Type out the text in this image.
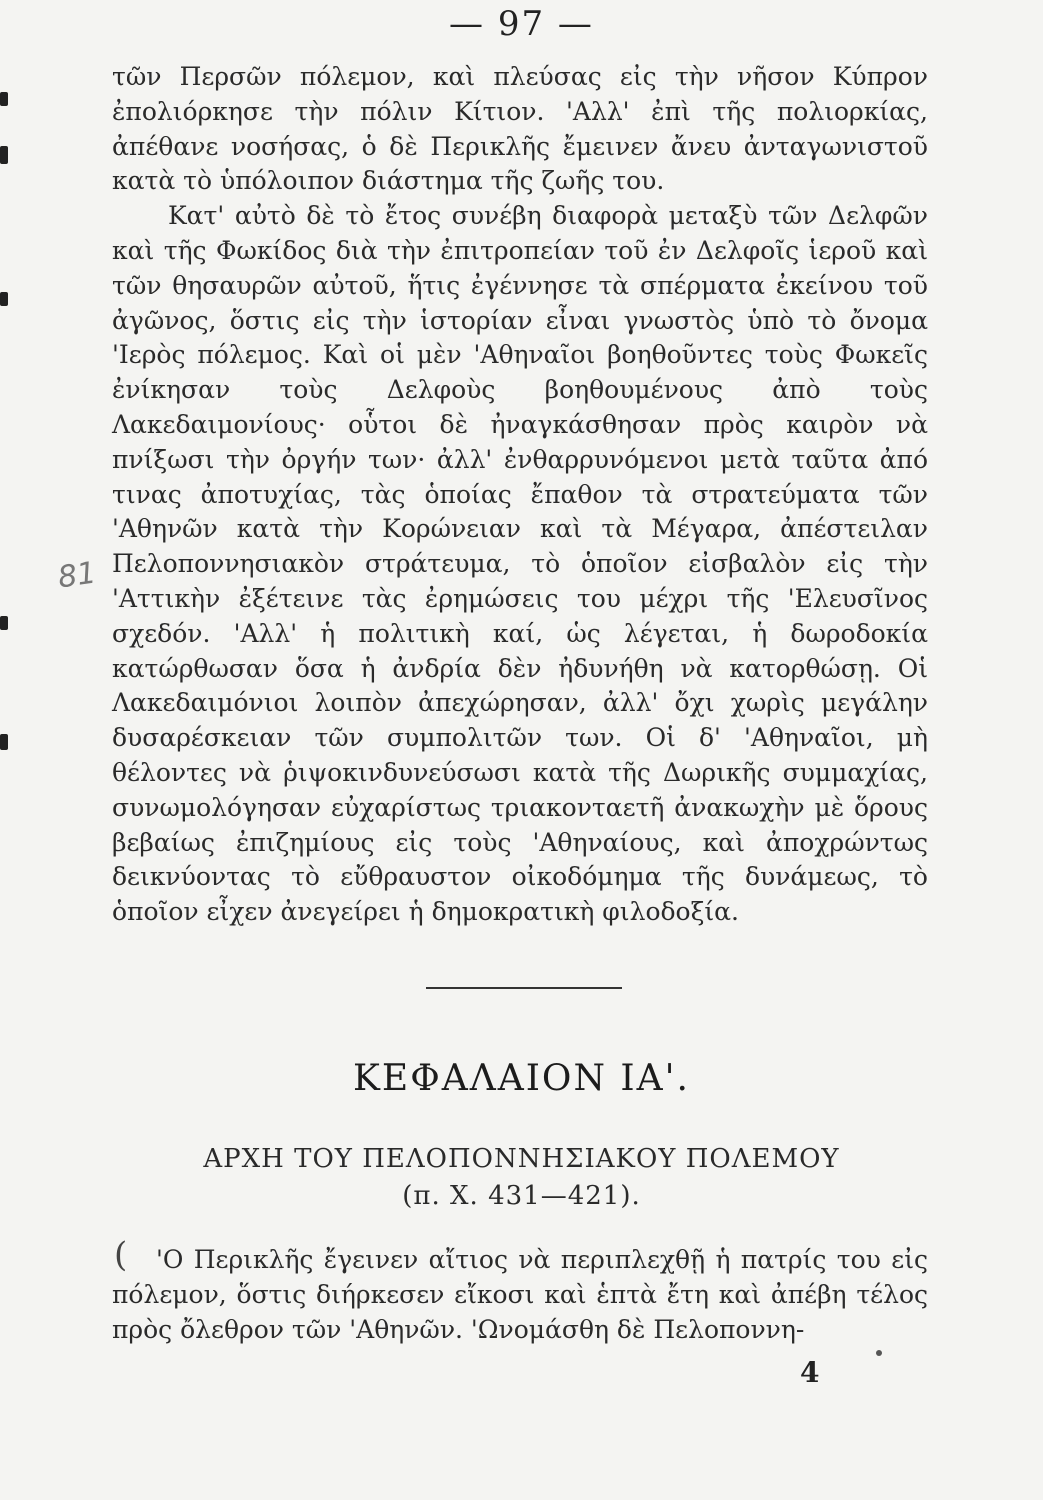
— 97 —
81

τῶν Περσῶν πόλεμον, καὶ πλεύσας εἰς τὴν νῆσον Κύπρον ἐπολιόρκησε τὴν πόλιν Κίτιον. 'Αλλ' ἐπὶ τῆς πολιορκίας, ἀπέθανε νοσήσας, ὁ δὲ Περικλῆς ἔμεινεν ἄνευ ἀνταγωνιστοῦ κατὰ τὸ ὑπόλοιπον διάστημα τῆς ζωῆς του.

Κατ' αὐτὸ δὲ τὸ ἔτος συνέβη διαφορὰ μεταξὺ τῶν Δελφῶν καὶ τῆς Φωκίδος διὰ τὴν ἐπιτροπείαν τοῦ ἐν Δελφοῖς ἱεροῦ καὶ τῶν θησαυρῶν αὐτοῦ, ἥτις ἐγέννησε τὰ σπέρματα ἐκείνου τοῦ ἀγῶνος, ὅστις εἰς τὴν ἱστορίαν εἶναι γνωστὸς ὑπὸ τὸ ὄνομα 'Ιερὸς πόλεμος. Καὶ οἱ μὲν 'Αθηναῖοι βοηθοῦντες τοὺς Φωκεῖς ἐνίκησαν τοὺς Δελφοὺς βοηθουμένους ἀπὸ τοὺς Λακεδαιμονίους· οὗτοι δὲ ἠναγκάσθησαν πρὸς καιρὸν νὰ πνίξωσι τὴν ὀργήν των· ἀλλ' ἐνθαρρυνόμενοι μετὰ ταῦτα ἀπό τινας ἀποτυχίας, τὰς ὁποίας ἔπαθον τὰ στρατεύματα τῶν 'Αθηνῶν κατὰ τὴν Κορώνειαν καὶ τὰ Μέγαρα, ἀπέστειλαν Πελοποννησιακὸν στράτευμα, τὸ ὁποῖον εἰσβαλὸν εἰς τὴν 'Αττικὴν ἐξέτεινε τὰς ἐρημώσεις του μέχρι τῆς 'Ελευσῖνος σχεδόν. 'Αλλ' ἡ πολιτικὴ καί, ὡς λέγεται, ἡ δωροδοκία κατώρθωσαν ὅσα ἡ ἀνδρία δὲν ἠδυνήθη νὰ κατορθώσῃ. Οἱ Λακεδαιμόνιοι λοιπὸν ἀπεχώρησαν, ἀλλ' ὄχι χωρὶς μεγάλην δυσαρέσκειαν τῶν συμπολιτῶν των. Οἱ δ' 'Αθηναῖοι, μὴ θέλοντες νὰ ῥιψοκινδυνεύσωσι κατὰ τῆς Δωρικῆς συμμαχίας, συνωμολόγησαν εὐχαρίστως τριακονταετῆ ἀνακωχὴν μὲ ὅρους βεβαίως ἐπιζημίους εἰς τοὺς 'Αθηναίους, καὶ ἀποχρώντως δεικνύοντας τὸ εὔθραυστον οἰκοδόμημα τῆς δυνάμεως, τὸ ὁποῖον εἶχεν ἀνεγείρει ἡ δημοκρατικὴ φιλοδοξία.

ΚΕΦΑΛΑΙΟΝ ΙΑ'.
ΑΡΧΗ ΤΟΥ ΠΕΛΟΠΟΝΝΗΣΙΑΚΟΥ ΠΟΛΕΜΟΥ
(π. Χ. 431—421).
(	'Ο Περικλῆς ἔγεινεν αἴτιος νὰ περιπλεχθῇ ἡ πατρίς του εἰς πόλεμον, ὅστις διήρκεσεν εἴκοσι καὶ ἑπτὰ ἔτη καὶ ἀπέβη τέλος πρὸς ὄλεθρον τῶν 'Αθηνῶν. 'Ωνομάσθη δὲ Πελοποννη-

4
